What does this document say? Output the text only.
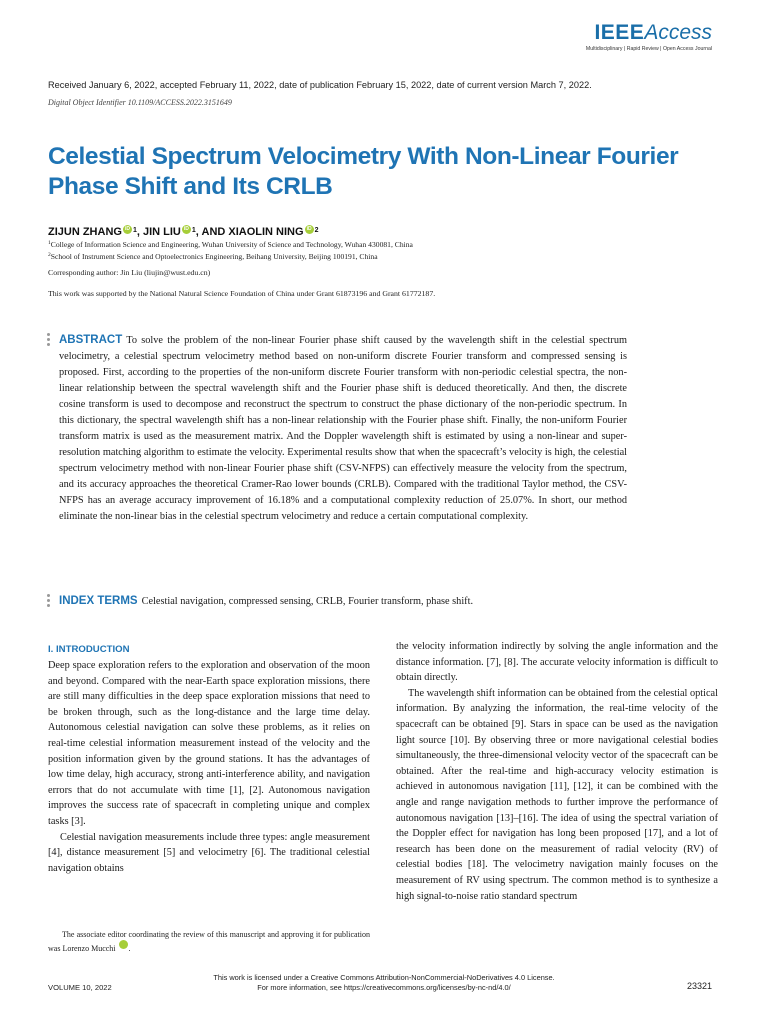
IEEEAccess
Multidisciplinary | Rapid Review | Open Access Journal
Received January 6, 2022, accepted February 11, 2022, date of publication February 15, 2022, date of current version March 7, 2022.
Digital Object Identifier 10.1109/ACCESS.2022.3151649
Celestial Spectrum Velocimetry With Non-Linear Fourier Phase Shift and Its CRLB
ZIJUN ZHANG iD 1 , JIN LIU iD 1 , AND XIAOLIN NING iD 2
$^1$College of Information Science and Engineering, Wuhan University of Science and Technology, Wuhan 430081, China
$^2$School of Instrument Science and Optoelectronics Engineering, Beihang University, Beijing 100191, China
Corresponding author: Jin Liu (liujin@wust.edu.cn)
This work was supported by the National Natural Science Foundation of China under Grant 61873196 and Grant 61772187.
ABSTRACT To solve the problem of the non-linear Fourier phase shift caused by the wavelength shift in the celestial spectrum velocimetry, a celestial spectrum velocimetry method based on non-uniform discrete Fourier transform and compressed sensing is proposed. First, according to the properties of the non-uniform discrete Fourier transform with non-periodic celestial spectra, the non-linear relationship between the spectral wavelength shift and the Fourier phase shift is deduced theoretically. And then, the discrete cosine transform is used to decompose and reconstruct the spectrum to construct the phase dictionary of the non-periodic spectrum. In this dictionary, the spectral wavelength shift has a non-linear relationship with the Fourier phase shift. Finally, the non-uniform Fourier transform matrix is used as the measurement matrix. And the Doppler wavelength shift is estimated by using a non-linear and super-resolution matching algorithm to estimate the velocity. Experimental results show that when the spacecraft’s velocity is high, the celestial spectrum velocimetry method with non-linear Fourier phase shift (CSV-NFPS) can effectively measure the velocity from the spectrum, and its accuracy approaches the theoretical Cramer-Rao lower bounds (CRLB). Compared with the traditional Taylor method, the CSV-NFPS has an average accuracy improvement of 16.18% and a computational complexity reduction of 25.07%. In short, our method eliminate the non-linear bias in the celestial spectrum velocimetry and reduce a certain computational complexity.
INDEX TERMS Celestial navigation, compressed sensing, CRLB, Fourier transform, phase shift.
I. INTRODUCTION

Deep space exploration refers to the exploration and observation of the moon and beyond. Compared with the near-Earth space exploration missions, there are still many difficulties in the deep space exploration missions that need to be broken through, such as the long-distance and the large time delay. Autonomous celestial navigation can solve these problems, as it relies on real-time celestial information measurement instead of the velocity and the position information given by the ground stations. It has the advantages of low time delay, high accuracy, strong anti-interference ability, and navigation errors that do not accumulate with time [1], [2]. Autonomous navigation improves the success rate of spacecraft in completing unique and complex tasks [3].

Celestial navigation measurements include three types: angle measurement [4], distance measurement [5] and velocimetry [6]. The traditional celestial navigation obtains

the velocity information indirectly by solving the angle information and the distance information. [7], [8]. The accurate velocity information is difficult to obtain directly.

The wavelength shift information can be obtained from the celestial optical information. By analyzing the information, the real-time velocity of the spacecraft can be obtained [9]. Stars in space can be used as the navigation light source [10]. By observing three or more navigational celestial bodies simultaneously, the three-dimensional velocity vector of the spacecraft can be obtained. After the real-time and high-accuracy velocity estimation is achieved in autonomous navigation [11], [12], it can be combined with the angle and range navigation methods to further improve the performance of autonomous navigation [13]–[16]. The idea of using the spectral variation of the Doppler effect for navigation has long been proposed [17], and a lot of research has been done on the measurement of radial velocity (RV) of celestial bodies [18]. The velocimetry navigation mainly focuses on the measurement of RV using spectrum. The common method is to synthesize a high signal-to-noise ratio standard spectrum

The associate editor coordinating the review of this manuscript and approving it for publication was Lorenzo Mucchi	iD.
This work is licensed under a Creative Commons Attribution-NonCommercial-NoDerivatives 4.0 License.
For more information, see https://creativecommons.org/licenses/by-nc-nd/4.0/
VOLUME 10, 2022	23321
